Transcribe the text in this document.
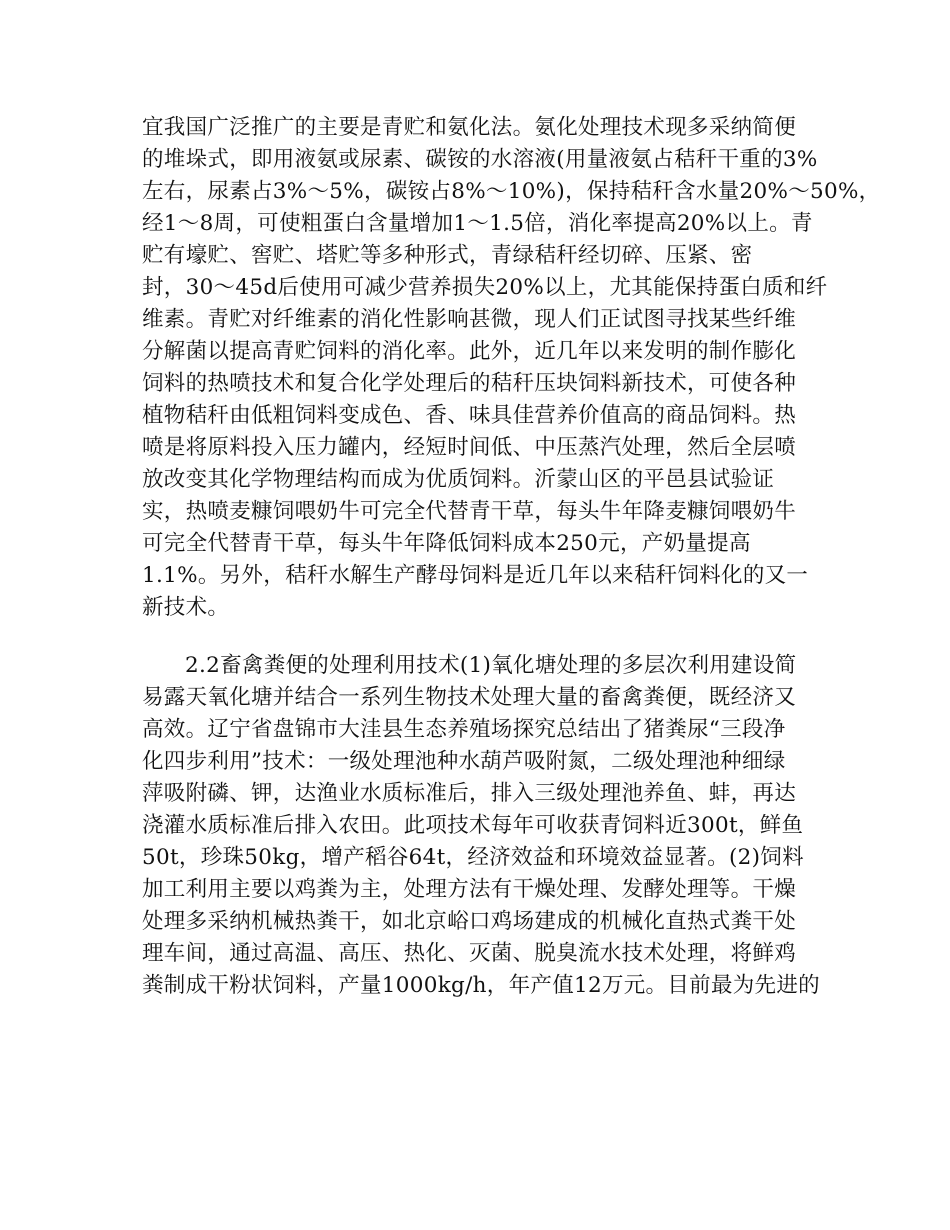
宜我国广泛推广的主要是青贮和氨化法。氨化处理技术现多采纳简便
的堆垛式，即用液氨或尿素、碳铵的水溶液(用量液氨占秸秆干重的3%
左右，尿素占3%～5%，碳铵占8%～10%)，保持秸秆含水量20%～50%，
经1～8周，可使粗蛋白含量增加1～1.5倍，消化率提高20%以上。青
贮有壕贮、窖贮、塔贮等多种形式，青绿秸秆经切碎、压紧、密
封，30～45d后使用可减少营养损失20%以上，尤其能保持蛋白质和纤
维素。青贮对纤维素的消化性影响甚微，现人们正试图寻找某些纤维
分解菌以提高青贮饲料的消化率。此外，近几年以来发明的制作膨化
饲料的热喷技术和复合化学处理后的秸秆压块饲料新技术，可使各种
植物秸秆由低粗饲料变成色、香、味具佳营养价值高的商品饲料。热
喷是将原料投入压力罐内，经短时间低、中压蒸汽处理，然后全层喷
放改变其化学物理结构而成为优质饲料。沂蒙山区的平邑县试验证
实，热喷麦糠饲喂奶牛可完全代替青干草，每头牛年降麦糠饲喂奶牛
可完全代替青干草，每头牛年降低饲料成本250元，产奶量提高
1.1%。另外，秸秆水解生产酵母饲料是近几年以来秸秆饲料化的又一
新技术。
2.2畜禽粪便的处理利用技术(1)氧化塘处理的多层次利用建设简
易露天氧化塘并结合一系列生物技术处理大量的畜禽粪便，既经济又
高效。辽宁省盘锦市大洼县生态养殖场探究总结出了猪粪尿“三段净
化四步利用”技术：一级处理池种水葫芦吸附氮，二级处理池种细绿
萍吸附磷、钾，达渔业水质标准后，排入三级处理池养鱼、蚌，再达
浇灌水质标准后排入农田。此项技术每年可收获青饲料近300t，鲜鱼
50t，珍珠50kg，增产稻谷64t，经济效益和环境效益显著。(2)饲料
加工利用主要以鸡粪为主，处理方法有干燥处理、发酵处理等。干燥
处理多采纳机械热粪干，如北京峪口鸡场建成的机械化直热式粪干处
理车间，通过高温、高压、热化、灭菌、脱臭流水技术处理，将鲜鸡
粪制成干粉状饲料，产量1000kg/h，年产值12万元。目前最为先进的
